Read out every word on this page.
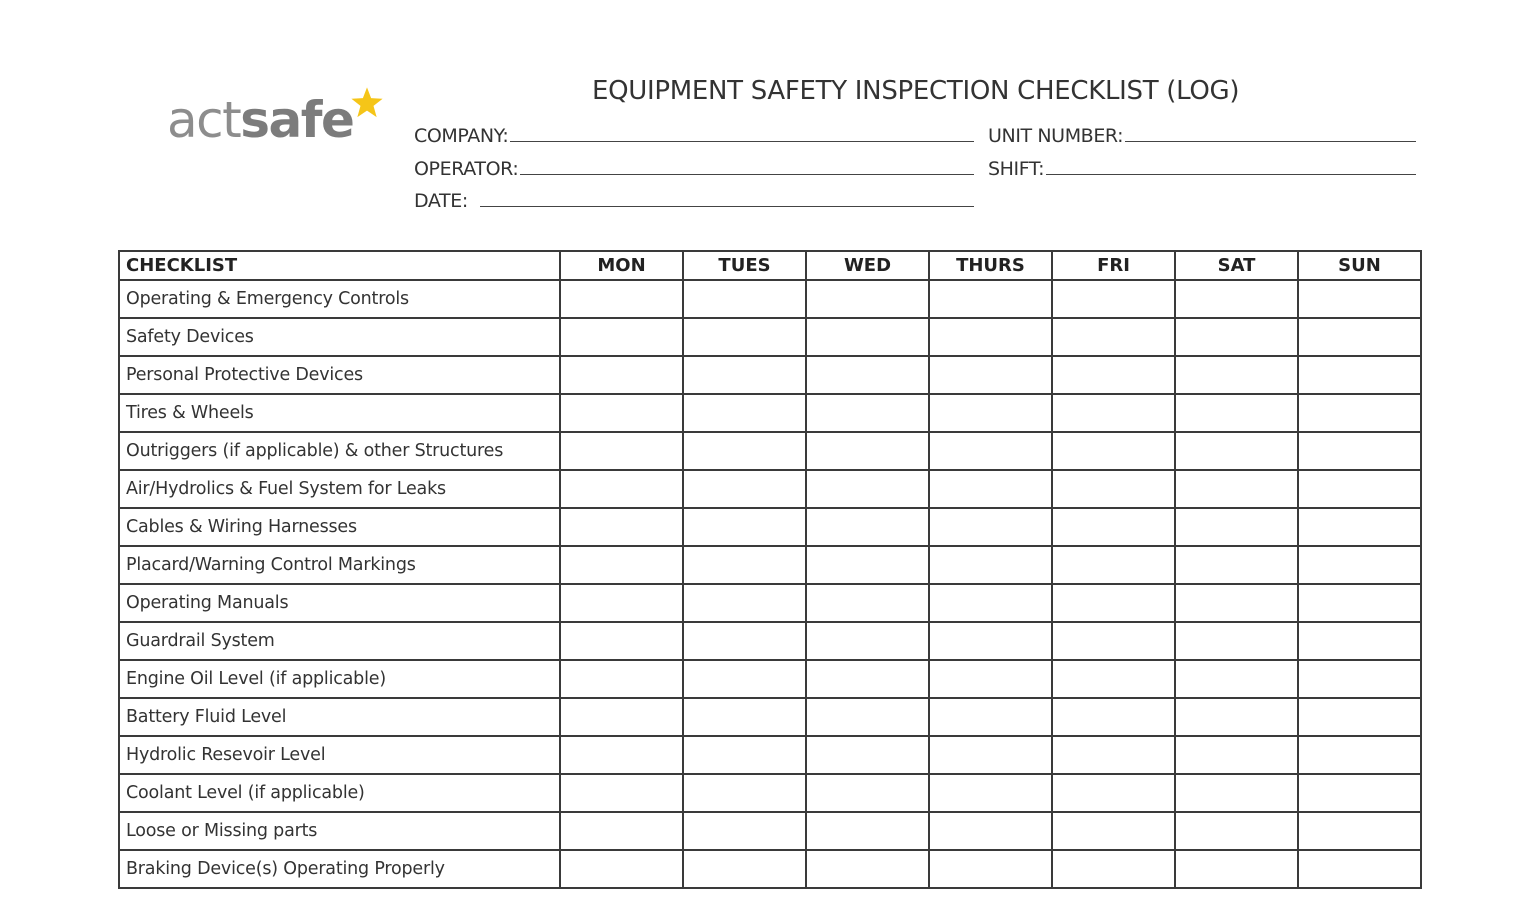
actsafe	EQUIPMENT SAFETY INSPECTION CHECKLIST (LOG)
COMPANY:	UNIT NUMBER:
OPERATOR:	SHIFT:
DATE:
CHECKLIST	MON	TUES	WED	THURS	FRI	SAT	SUN
Operating & Emergency Controls							
Safety Devices							
Personal Protective Devices							
Tires & Wheels							
Outriggers (if applicable) & other Structures							
Air/Hydrolics & Fuel System for Leaks							
Cables & Wiring Harnesses							
Placard/Warning Control Markings							
Operating Manuals							
Guardrail System							
Engine Oil Level (if applicable)							
Battery Fluid Level							
Hydrolic Resevoir Level							
Coolant Level (if applicable)							
Loose or Missing parts							
Braking Device(s) Operating Properly							
